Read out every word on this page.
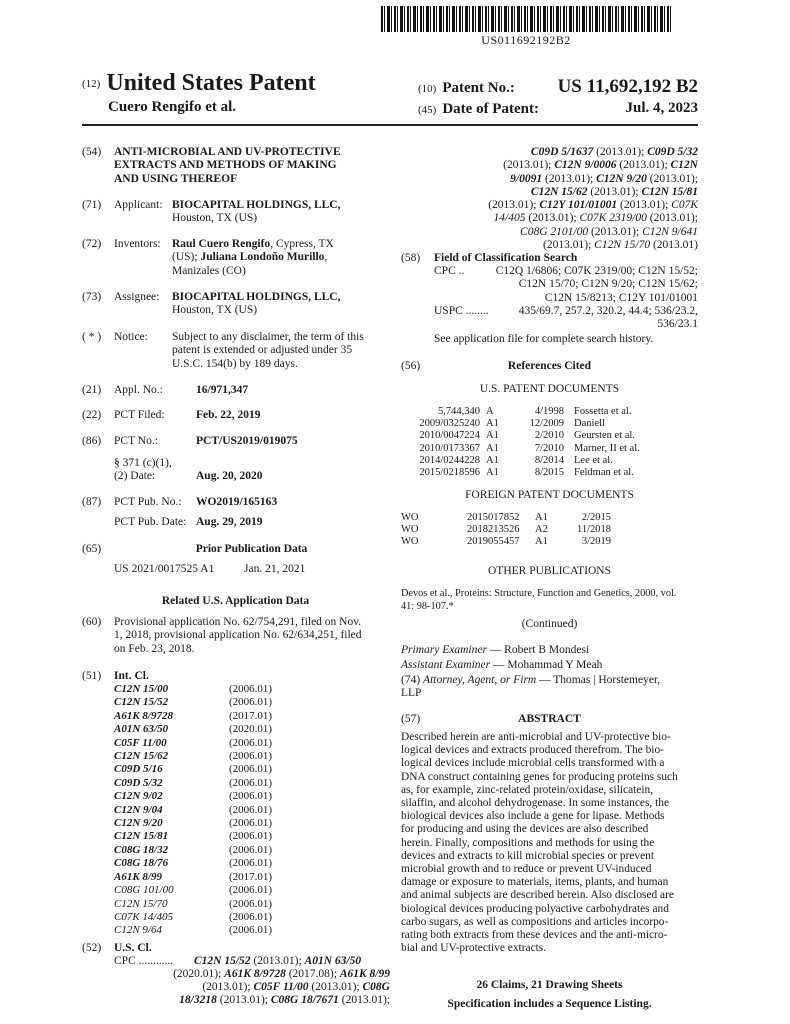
US011692192B2
(12) United States Patent
Cuero Rengifo et al.
(10) Patent No.: US 11,692,192 B2
(45) Date of Patent:	Jul. 4, 2023
(54) ANTI-MICROBIAL AND UV-PROTECTIVE
EXTRACTS AND METHODS OF MAKING
AND USING THEREOF
(71) Applicant: BIOCAPITAL HOLDINGS, LLC,
Houston, TX (US)
(72) Inventors: Raul Cuero Rengifo, Cypress, TX
(US); Juliana Londoño Murillo,
Manizales (CO)
(73) Assignee: BIOCAPITAL HOLDINGS, LLC,
Houston, TX (US)
( * ) Notice: Subject to any disclaimer, the term of this
patent is extended or adjusted under 35
U.S.C. 154(b) by 189 days.
(21) Appl. No.:	16/971,347
(22) PCT Filed:	Feb. 22, 2019
(86) PCT No.:	PCT/US2019/019075
§ 371 (c)(1),
(2) Date:	Aug. 20, 2020
(87) PCT Pub. No.: WO2019/165163
PCT Pub. Date: Aug. 29, 2019
(65)	Prior Publication Data
US 2021/0017525 A1	Jan. 21, 2021
Related U.S. Application Data
(60) Provisional application No. 62/754,291, filed on Nov.
1, 2018, provisional application No. 62/634,251, filed
on Feb. 23, 2018.
(51) Int. Cl.
C12N 15/00	(2006.01)
C12N 15/52	(2006.01)
A61K 8/9728	(2017.01)
A01N 63/50	(2020.01)
C05F 11/00	(2006.01)
C12N 15/62	(2006.01)
C09D 5/16	(2006.01)
C09D 5/32	(2006.01)
C12N 9/02	(2006.01)
C12N 9/04	(2006.01)
C12N 9/20	(2006.01)
C12N 15/81	(2006.01)
C08G 18/32	(2006.01)
C08G 18/76	(2006.01)
A61K 8/99	(2017.01)
C08G 101/00	(2006.01)
C12N 15/70	(2006.01)
C07K 14/405	(2006.01)
C12N 9/64	(2006.01)
(52) U.S. Cl.
CPC ............ C12N 15/52 (2013.01); A01N 63/50
(2020.01); A61K 8/9728 (2017.08); A61K 8/99
(2013.01); C05F 11/00 (2013.01); C08G
18/3218 (2013.01); C08G 18/7671 (2013.01);
C09D 5/1637 (2013.01); C09D 5/32
(2013.01); C12N 9/0006 (2013.01); C12N
9/0091 (2013.01); C12N 9/20 (2013.01);
C12N 15/62 (2013.01); C12N 15/81
(2013.01); C12Y 101/01001 (2013.01); C07K
14/405 (2013.01); C07K 2319/00 (2013.01);
C08G 2101/00 (2013.01); C12N 9/641
(2013.01); C12N 15/70 (2013.01)
(58) Field of Classification Search
CPC ..	C12Q 1/6806; C07K 2319/00; C12N 15/52;
C12N 15/70; C12N 9/20; C12N 15/62;
C12N 15/8213; C12Y 101/01001
USPC ........	435/69.7, 257.2, 320.2, 44.4; 536/23.2,
536/23.1
See application file for complete search history.
(56)	References Cited
U.S. PATENT DOCUMENTS
5,744,340	A	4/1998	Fossetta et al.
2009/0325240	A1	12/2009	Daniell
2010/0047224	A1	2/2010	Geursten et al.
2010/0173367	A1	7/2010	Marner, II et al.
2014/0244228	A1	8/2014	Lee et al.
2015/0218596	A1	8/2015	Feldman et al.
FOREIGN PATENT DOCUMENTS
WO	2015017852	A1	2/2015
WO	2018213526	A2	11/2018
WO	2019055457	A1	3/2019
OTHER PUBLICATIONS
Devos et al., Proteins: Structure, Function and Genetics, 2000, vol.
41: 98-107.*
(Continued)
Primary Examiner — Robert B Mondesi
Assistant Examiner — Mohammad Y Meah
(74) Attorney, Agent, or Firm — Thomas | Horstemeyer,
LLP
(57)	ABSTRACT
Described herein are anti-microbial and UV-protective bio-
logical devices and extracts produced therefrom. The bio-
logical devices include microbial cells transformed with a
DNA construct containing genes for producing proteins such
as, for example, zinc-related protein/oxidase, silicatein,
silaffin, and alcohol dehydrogenase. In some instances, the
biological devices also include a gene for lipase. Methods
for producing and using the devices are also described
herein. Finally, compositions and methods for using the
devices and extracts to kill microbial species or prevent
microbial growth and to reduce or prevent UV-induced
damage or exposure to materials, items, plants, and human
and animal subjects are described herein. Also disclosed are
biological devices producing polyactive carbohydrates and
carbo sugars, as well as compositions and articles incorpo-
rating both extracts from these devices and the anti-micro-
bial and UV-protective extracts.
26 Claims, 21 Drawing Sheets
Specification includes a Sequence Listing.
